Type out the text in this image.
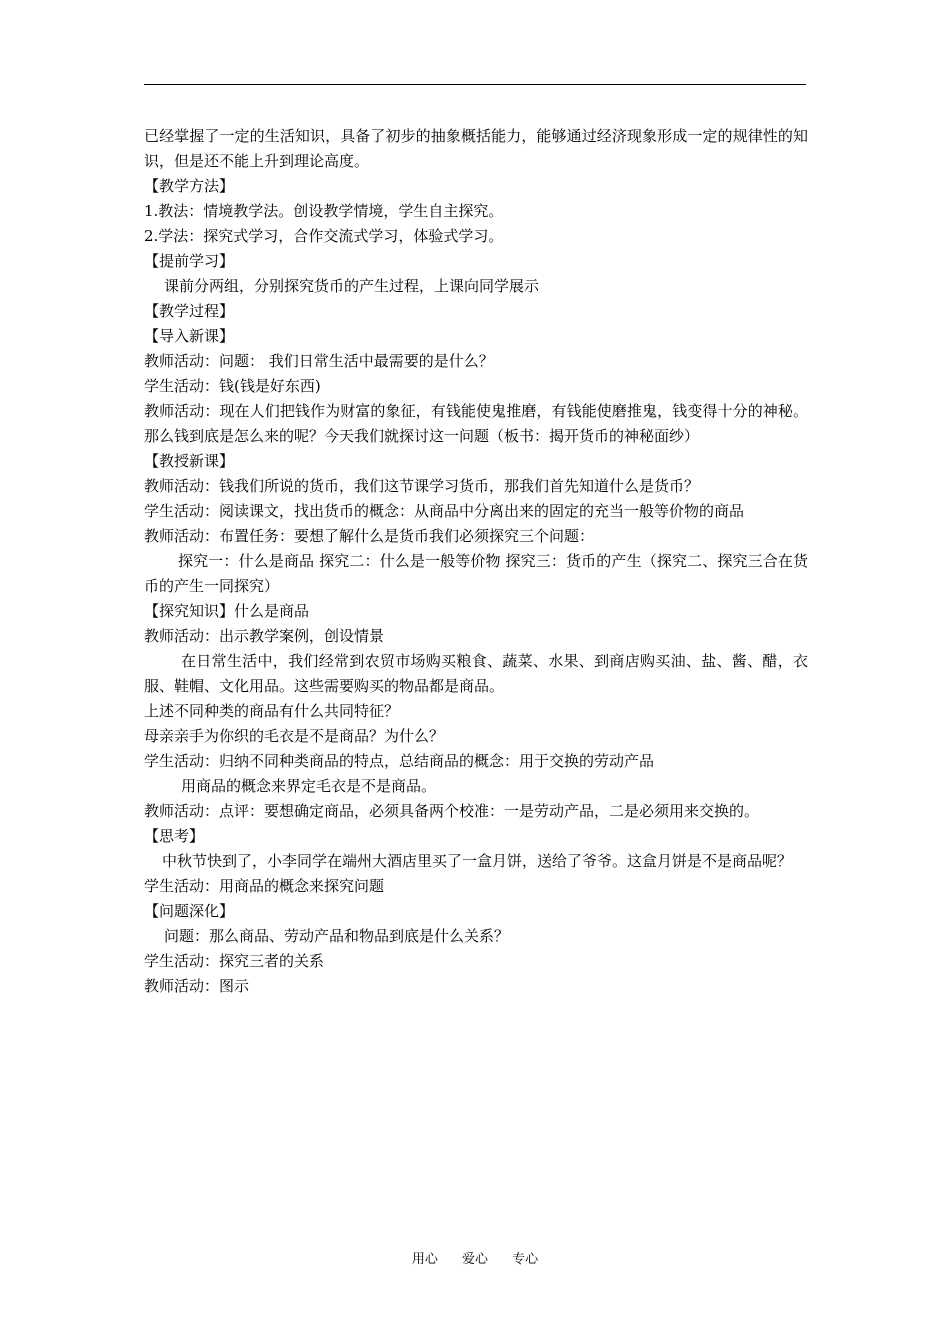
已经掌握了一定的生活知识，具备了初步的抽象概括能力，能够通过经济现象形成一定的规律性的知识，但是还不能上升到理论高度。

【教学方法】

1.教法：情境教学法。创设教学情境，学生自主探究。

2.学法：探究式学习，合作交流式学习，体验式学习。

【提前学习】

课前分两组，分别探究货币的产生过程，上课向同学展示

【教学过程】

【导入新课】

教师活动：问题： 我们日常生活中最需要的是什么？

学生活动：钱(钱是好东西)

教师活动：现在人们把钱作为财富的象征，有钱能使鬼推磨，有钱能使磨推鬼，钱变得十分的神秘。那么钱到底是怎么来的呢？今天我们就探讨这一问题（板书：揭开货币的神秘面纱）

【教授新课】

教师活动：钱我们所说的货币，我们这节课学习货币，那我们首先知道什么是货币？

学生活动：阅读课文，找出货币的概念：从商品中分离出来的固定的充当一般等价物的商品

教师活动：布置任务：要想了解什么是货币我们必须探究三个问题：

探究一：什么是商品 探究二：什么是一般等价物 探究三：货币的产生（探究二、探究三合在货币的产生一同探究）

【探究知识】什么是商品

教师活动：出示教学案例，创设情景

在日常生活中，我们经常到农贸市场购买粮食、蔬菜、水果、到商店购买油、盐、酱、醋，衣服、鞋帽、文化用品。这些需要购买的物品都是商品。

上述不同种类的商品有什么共同特征？

母亲亲手为你织的毛衣是不是商品？为什么？

学生活动：归纳不同种类商品的特点，总结商品的概念：用于交换的劳动产品

用商品的概念来界定毛衣是不是商品。

教师活动：点评：要想确定商品，必须具备两个校准：一是劳动产品，二是必须用来交换的。

【思考】

中秋节快到了，小李同学在端州大酒店里买了一盒月饼，送给了爷爷。这盒月饼是不是商品呢？

学生活动：用商品的概念来探究问题

【问题深化】

问题：那么商品、劳动产品和物品到底是什么关系？

学生活动：探究三者的关系

教师活动：图示

用心 爱心 专心
